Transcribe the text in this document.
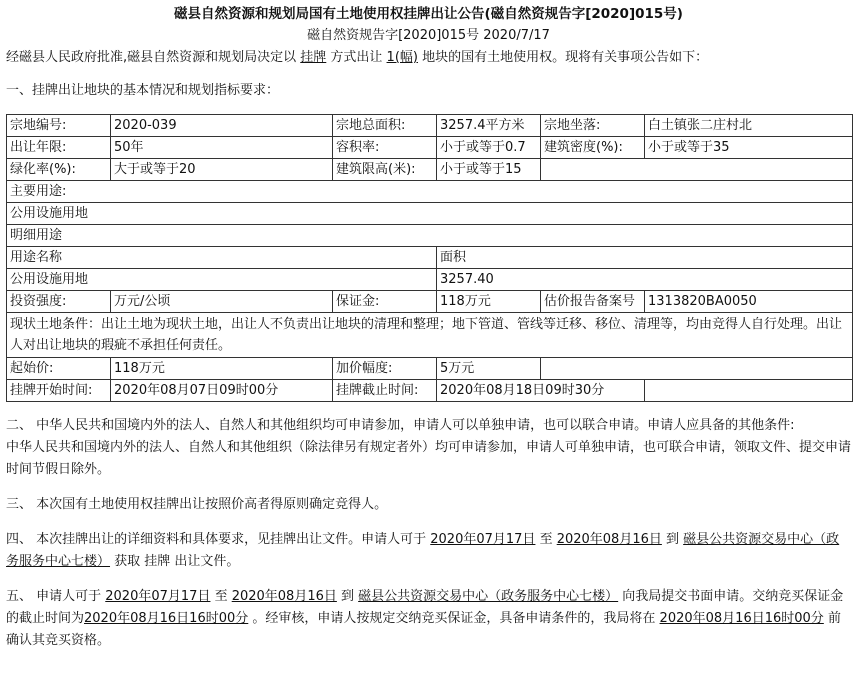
磁县自然资源和规划局国有土地使用权挂牌出让公告(磁自然资规告字[2020]015号)
磁自然资规告字[2020]015号 2020/7/17
经磁县人民政府批准,磁县自然资源和规划局决定以 挂牌 方式出让 1(幅) 地块的国有土地使用权。现将有关事项公告如下：
一、挂牌出让地块的基本情况和规划指标要求：
宗地编号:	2020-039	宗地总面积:	3257.4平方米	宗地坐落:	白土镇张二庄村北
出让年限:	50年	容积率:	小于或等于0.7	建筑密度(%):	小于或等于35
绿化率(%):	大于或等于20	建筑限高(米):	小于或等于15		
主要用途:					
公用设施用地					
明细用途					
用途名称			面积		
公用设施用地			3257.40		
投资强度:	万元/公顷	保证金:	118万元	估价报告备案号	1313820BA0050
现状土地条件：出让土地为现状土地，出让人不负责出让地块的清理和整理；地下管道、管线等迁移、移位、清理等，均由竞得人自行处理。出让人对出让地块的瑕疵不承担任何责任。					
起始价:	118万元	加价幅度:	5万元		
挂牌开始时间:	2020年08月07日09时00分	挂牌截止时间:	2020年08月18日09时30分		
二、 中华人民共和国境内外的法人、自然人和其他组织均可申请参加，申请人可以单独申请，也可以联合申请。申请人应具备的其他条件:
中华人民共和国境内外的法人、自然人和其他组织（除法律另有规定者外）均可申请参加，申请人可单独申请，也可联合申请，领取文件、提交申请时间节假日除外。
三、 本次国有土地使用权挂牌出让按照价高者得原则确定竞得人。
四、 本次挂牌出让的详细资料和具体要求，见挂牌出让文件。申请人可于 2020年07月17日 至 2020年08月16日 到 磁县公共资源交易中心（政务服务中心七楼） 获取 挂牌 出让文件。
五、 申请人可于 2020年07月17日 至 2020年08月16日 到 磁县公共资源交易中心（政务服务中心七楼） 向我局提交书面申请。交纳竞买保证金的截止时间为2020年08月16日16时00分 。经审核，申请人按规定交纳竞买保证金，具备申请条件的，我局将在 2020年08月16日16时00分 前确认其竞买资格。
